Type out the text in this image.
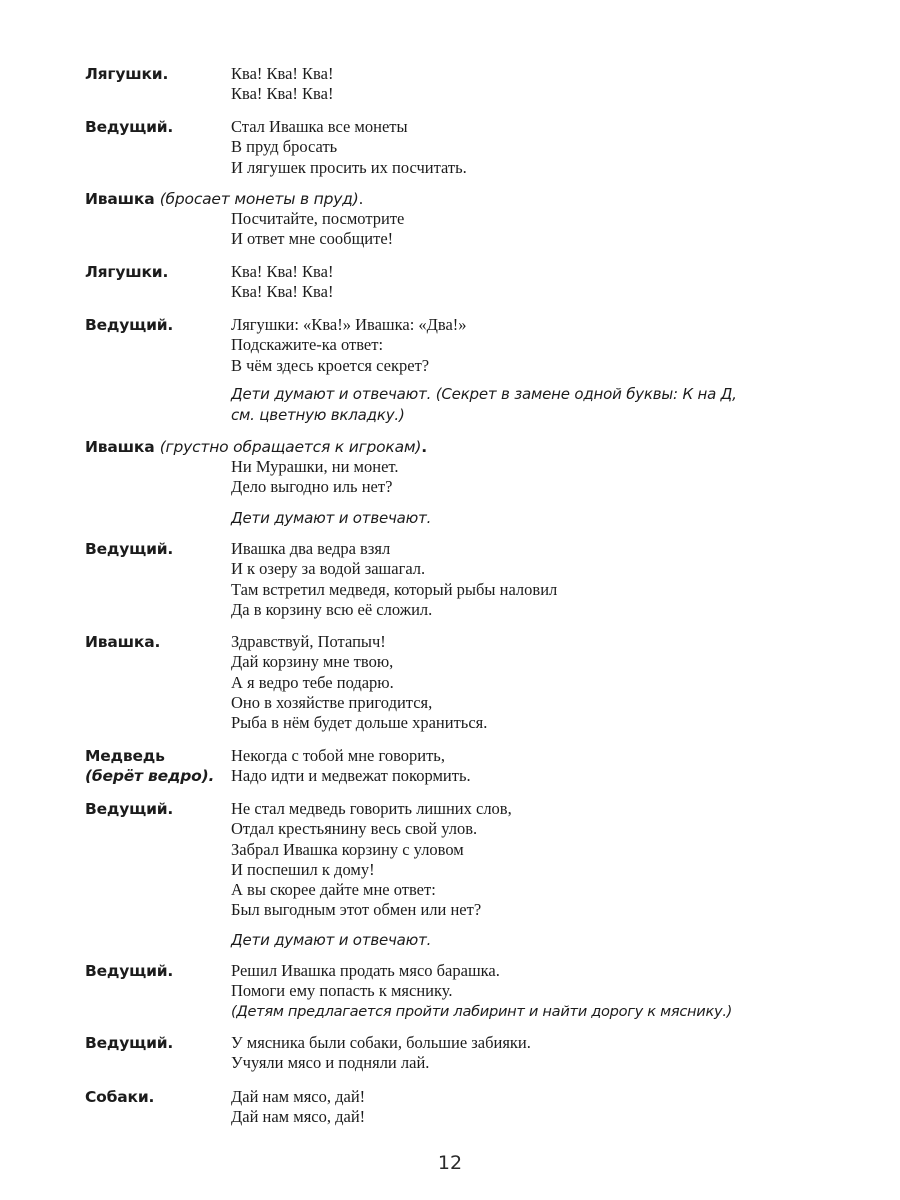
Лягушки.	Ква! Ква! Ква!
Ква! Ква! Ква!
Ведущий.	Стал Ивашка все монеты
В пруд бросать
И лягушек просить их посчитать.
Ивашка (бросает монеты в пруд).
Посчитайте, посмотрите
И ответ мне сообщите!
Лягушки.	Ква! Ква! Ква!
Ква! Ква! Ква!
Ведущий.	Лягушки: «Ква!» Ивашка: «Два!»
Подскажите-ка ответ:
В чём здесь кроется секрет?
Дети думают и отвечают. (Секрет в замене одной буквы: К на Д,
см. цветную вкладку.)
Ивашка (грустно обращается к игрокам).
Ни Мурашки, ни монет.
Дело выгодно иль нет?
Дети думают и отвечают.
Ведущий.	Ивашка два ведра взял
И к озеру за водой зашагал.
Там встретил медведя, который рыбы наловил
Да в корзину всю её сложил.
Ивашка.	Здравствуй, Потапыч!
Дай корзину мне твою,
А я ведро тебе подарю.
Оно в хозяйстве пригодится,
Рыба в нём будет дольше храниться.
Медведь
(берёт ведро).
Некогда с тобой мне говорить,
Надо идти и медвежат покормить.
Ведущий.	Не стал медведь говорить лишних слов,
Отдал крестьянину весь свой улов.
Забрал Ивашка корзину с уловом
И поспешил к дому!
А вы скорее дайте мне ответ:
Был выгодным этот обмен или нет?
Дети думают и отвечают.
Ведущий.	Решил Ивашка продать мясо барашка.
Помоги ему попасть к мяснику.
(Детям предлагается пройти лабиринт и найти дорогу к мяснику.)
Ведущий.	У мясника были собаки, большие забияки.
Учуяли мясо и подняли лай.
Собаки.	Дай нам мясо, дай!
Дай нам мясо, дай!
12
